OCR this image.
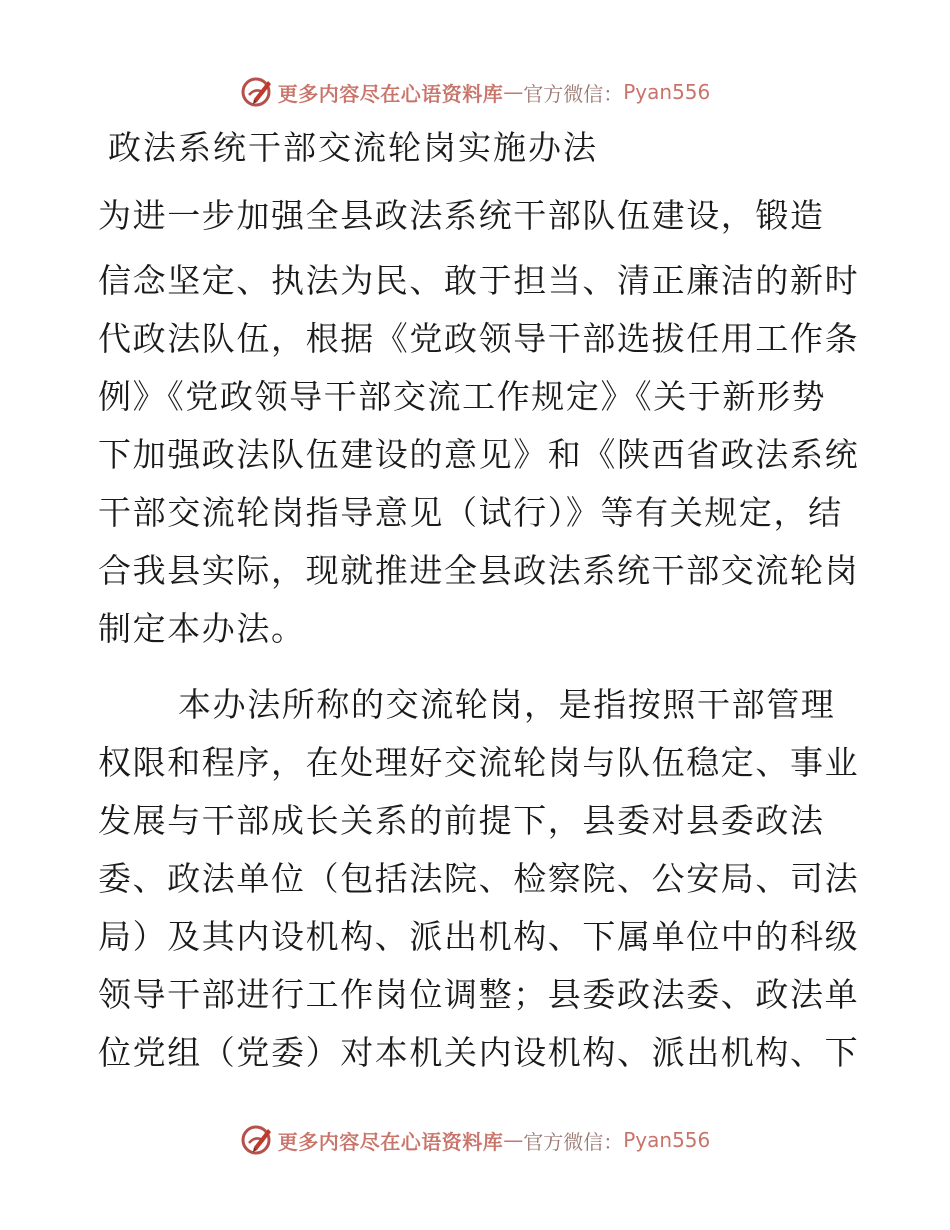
更多内容尽在心语资料库 — 官方微信： Pyan556
政法系统干部交流轮岗实施办法

为进一步加强全县政法系统干部队伍建设，锻造

信念坚定、执法为民、敢于担当、清正廉洁的新时

代政法队伍，根据《党政领导干部选拔任用工作条

例》《党政领导干部交流工作规定》《关于新形势

下加强政法队伍建设的意见》和《陕西省政法系统

干部交流轮岗指导意见（试行）》等有关规定，结

合我县实际，现就推进全县政法系统干部交流轮岗

制定本办法。

本办法所称的交流轮岗，是指按照干部管理

权限和程序，在处理好交流轮岗与队伍稳定、事业

发展与干部成长关系的前提下，县委对县委政法

委、政法单位（包括法院、检察院、公安局、司法

局）及其内设机构、派出机构、下属单位中的科级

领导干部进行工作岗位调整；县委政法委、政法单

位党组（党委）对本机关内设机构、派出机构、下

更多内容尽在心语资料库 — 官方微信： Pyan556
